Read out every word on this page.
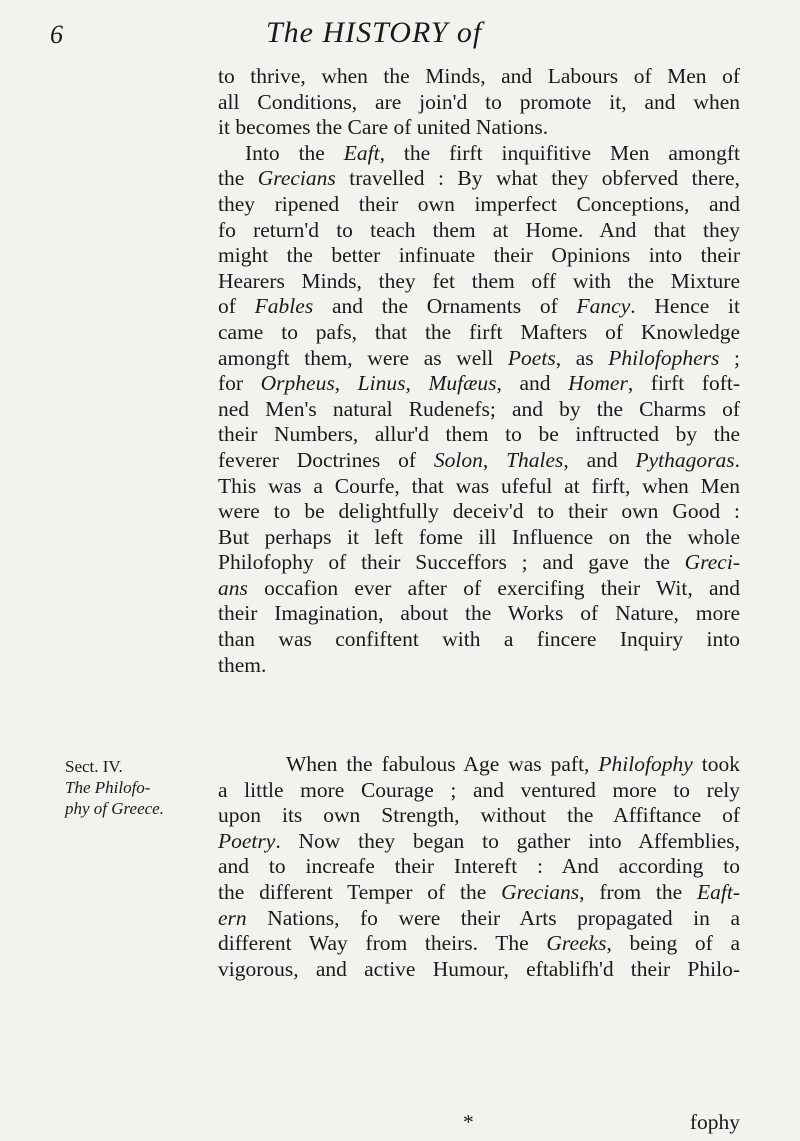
6	The HISTORY of
to thrive, when the Minds, and Labours of Men of
all Conditions, are join'd to promote it, and when
it becomes the Care of united Nations.
Into the Eaft, the firft inquifitive Men amongft
the Grecians travelled : By what they obferved there,
they ripened their own imperfect Conceptions, and
fo return'd to teach them at Home. And that they
might the better infinuate their Opinions into their
Hearers Minds, they fet them off with the Mixture
of Fables and the Ornaments of Fancy. Hence it
came to pafs, that the firft Mafters of Knowledge
amongft them, were as well Poets, as Philofophers ;
for Orpheus, Linus, Mufæus, and Homer, firft foft-
ned Men's natural Rudenefs; and by the Charms of
their Numbers, allur'd them to be inftructed by the
feverer Doctrines of Solon, Thales, and Pythagoras.
This was a Courfe, that was ufeful at firft, when Men
were to be delightfully deceiv'd to their own Good :
But perhaps it left fome ill Influence on the whole
Philofophy of their Succeffors ; and gave the Greci-
ans occafion ever after of exercifing their Wit, and
their Imagination, about the Works of Nature, more
than was confiftent with a fincere Inquiry into
them.
Sect. IV.
The Philofo-
phy of Greece.
When the fabulous Age was paft, Philofophy took
a little more Courage ; and ventured more to rely
upon its own Strength, without the Affiftance of
Poetry. Now they began to gather into Affemblies,
and to increafe their Intereft : And according to
the different Temper of the Grecians, from the Eaft-
ern Nations, fo were their Arts propagated in a
different Way from theirs. The Greeks, being of a
vigorous, and active Humour, eftablifh'd their Philo-
*	fophy
